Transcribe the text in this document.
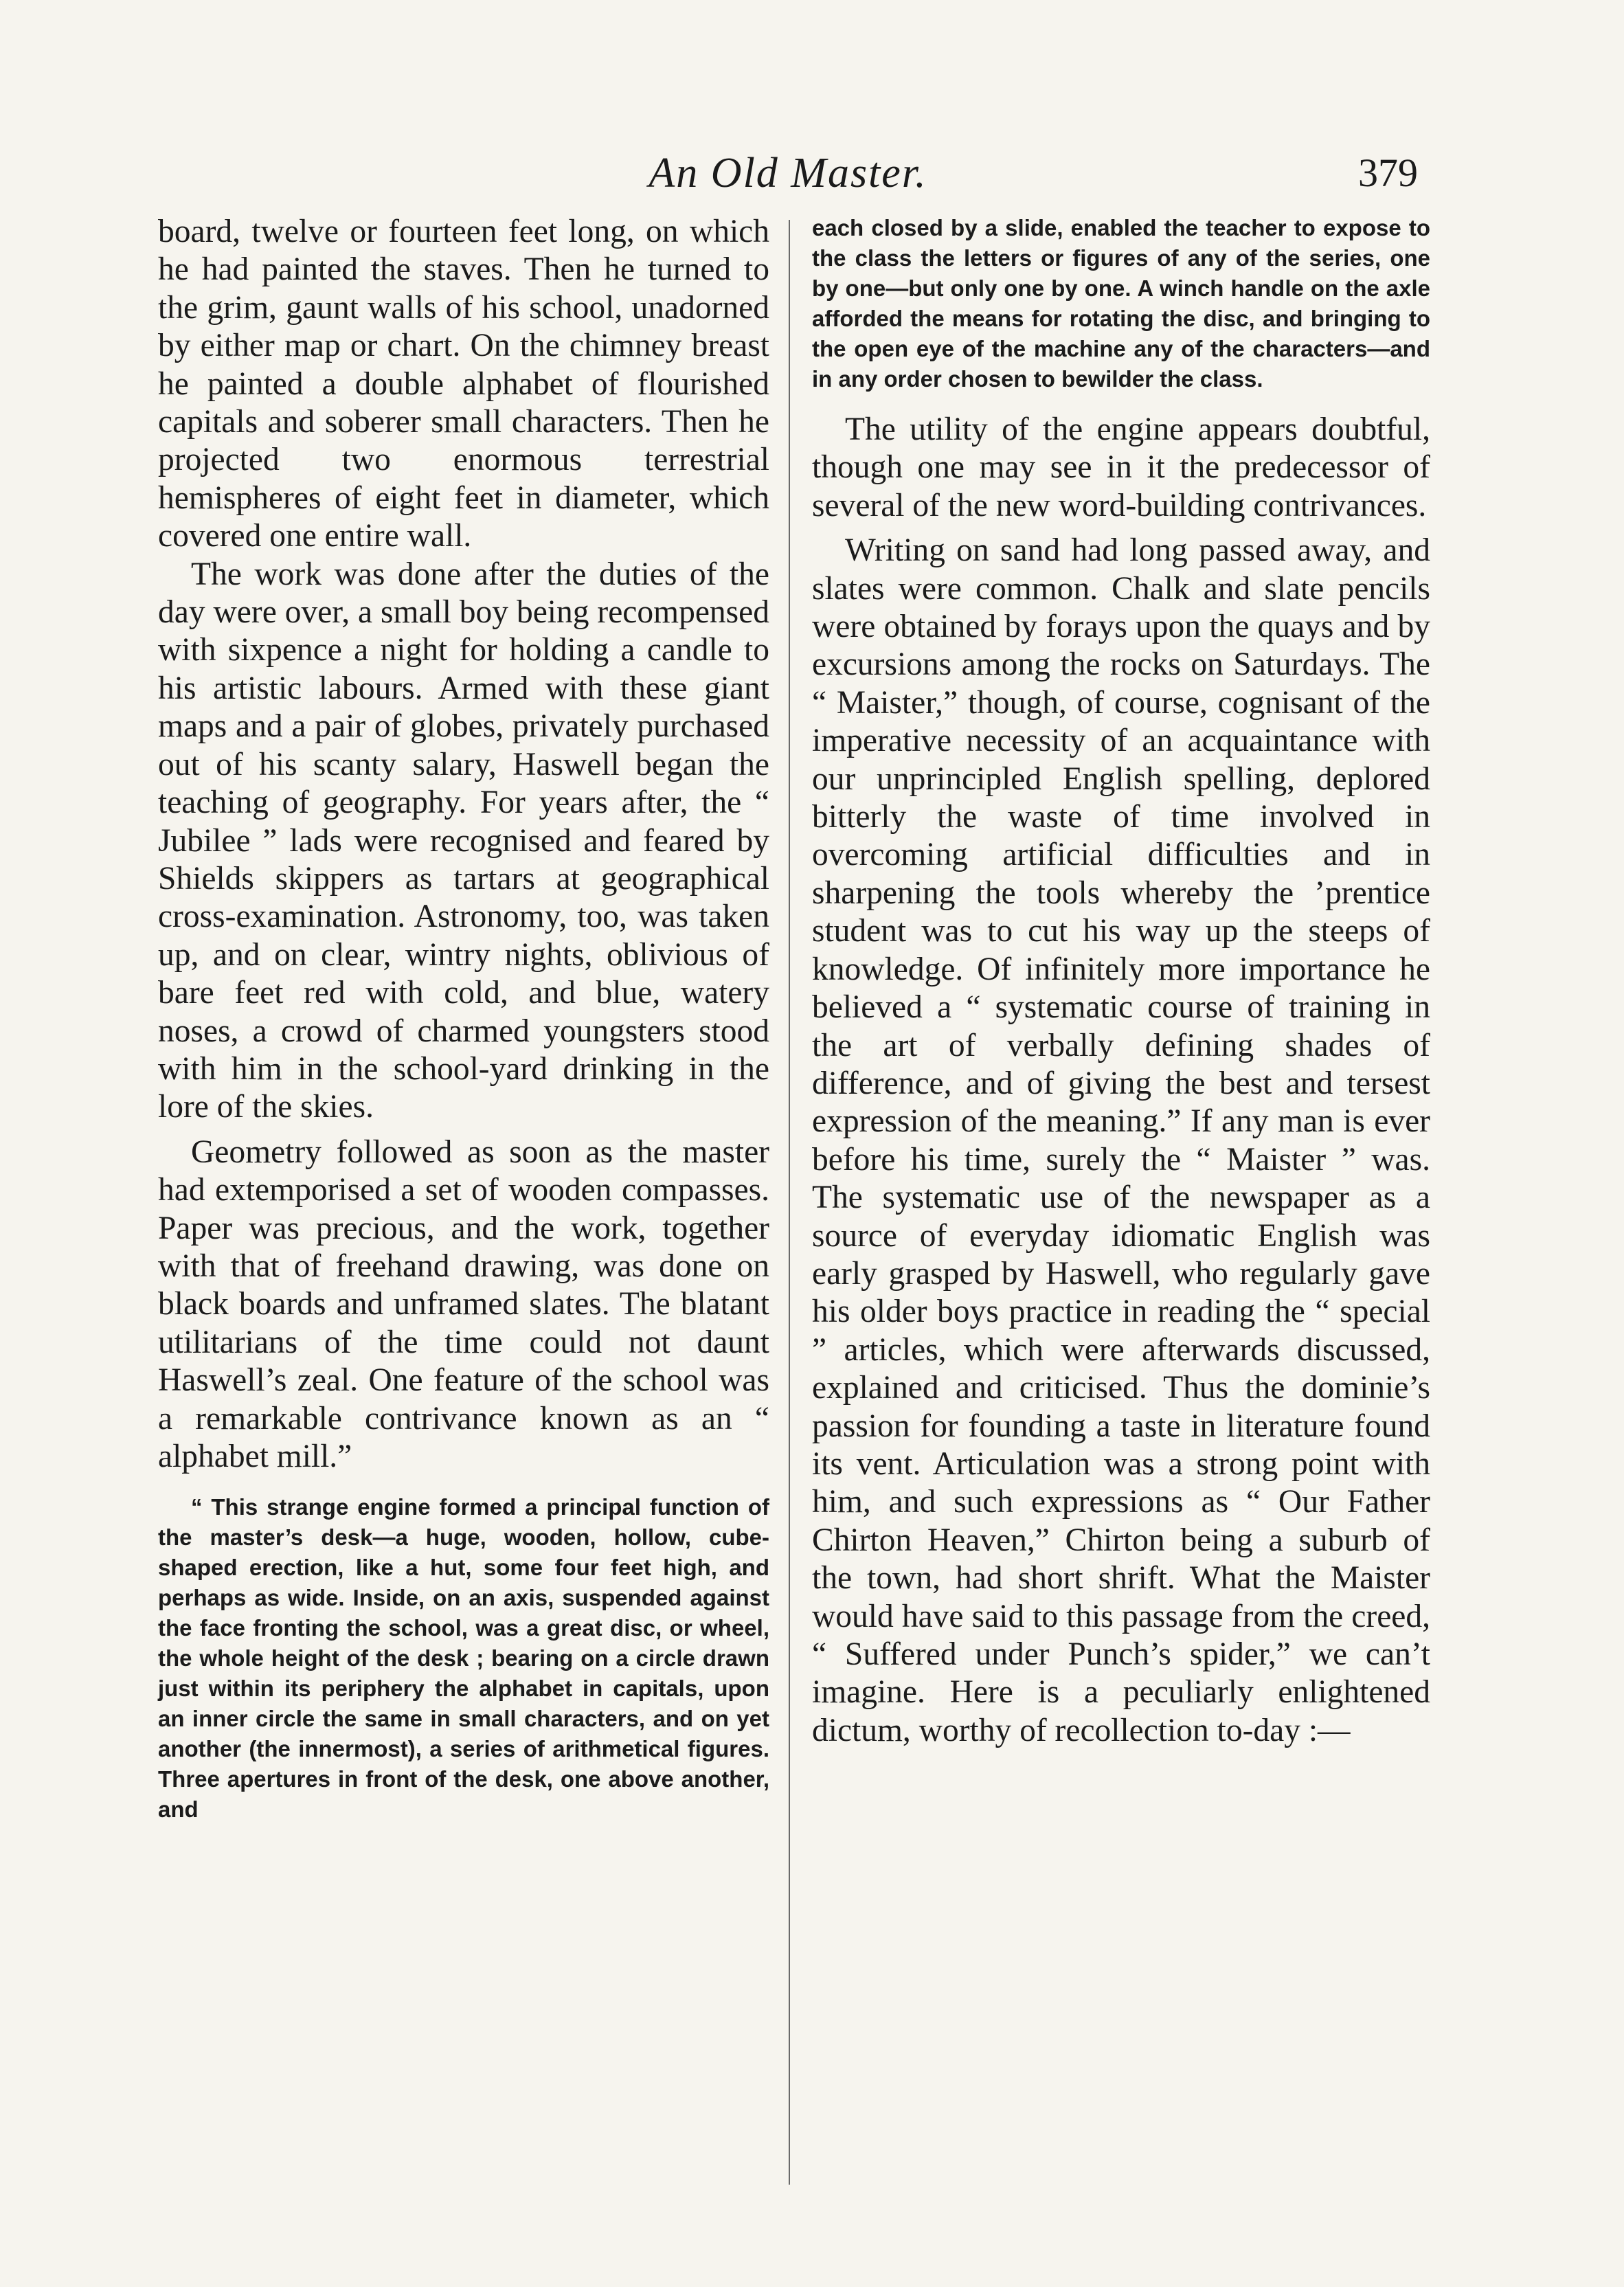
An Old Master.	379

board, twelve or fourteen feet long, on which he had painted the staves. Then he turned to the grim, gaunt walls of his school, unadorned by either map or chart. On the chimney breast he painted a double alphabet of flourished capitals and soberer small characters. Then he projected two enormous terrestrial hemispheres of eight feet in diameter, which covered one entire wall.

The work was done after the duties of the day were over, a small boy being recompensed with sixpence a night for holding a candle to his artistic labours. Armed with these giant maps and a pair of globes, privately purchased out of his scanty salary, Haswell began the teaching of geography. For years after, the “ Jubilee ” lads were recognised and feared by Shields skippers as tartars at geographical cross-examination. Astronomy, too, was taken up, and on clear, wintry nights, oblivious of bare feet red with cold, and blue, watery noses, a crowd of charmed youngsters stood with him in the school-yard drinking in the lore of the skies.

Geometry followed as soon as the master had extemporised a set of wooden compasses. Paper was precious, and the work, together with that of freehand drawing, was done on black boards and unframed slates. The blatant utilitarians of the time could not daunt Haswell’s zeal. One feature of the school was a remarkable contrivance known as an “ alphabet mill.”

“ This strange engine formed a principal function of the master’s desk—a huge, wooden, hollow, cube-shaped erection, like a hut, some four feet high, and perhaps as wide. Inside, on an axis, suspended against the face fronting the school, was a great disc, or wheel, the whole height of the desk ; bearing on a circle drawn just within its periphery the alphabet in capitals, upon an inner circle the same in small characters, and on yet another (the innermost), a series of arithmetical figures. Three apertures in front of the desk, one above another, and

each closed by a slide, enabled the teacher to expose to the class the letters or figures of any of the series, one by one—but only one by one. A winch handle on the axle afforded the means for rotating the disc, and bringing to the open eye of the machine any of the characters—and in any order chosen to bewilder the class.

The utility of the engine appears doubtful, though one may see in it the predecessor of several of the new word-building contrivances.

Writing on sand had long passed away, and slates were common. Chalk and slate pencils were obtained by forays upon the quays and by excursions among the rocks on Saturdays. The “ Maister,” though, of course, cognisant of the imperative necessity of an acquaintance with our unprincipled English spelling, deplored bitterly the waste of time involved in overcoming artificial difficulties and in sharpening the tools whereby the ’prentice student was to cut his way up the steeps of knowledge. Of infinitely more importance he believed a “ systematic course of training in the art of verbally defining shades of difference, and of giving the best and tersest expression of the meaning.” If any man is ever before his time, surely the “ Maister ” was. The systematic use of the newspaper as a source of everyday idiomatic English was early grasped by Haswell, who regularly gave his older boys practice in reading the “ special ” articles, which were afterwards discussed, explained and criticised. Thus the dominie’s passion for founding a taste in literature found its vent. Articulation was a strong point with him, and such expressions as “ Our Father Chirton Heaven,” Chirton being a suburb of the town, had short shrift. What the Maister would have said to this passage from the creed, “ Suffered under Punch’s spider,” we can’t imagine. Here is a peculiarly enlightened dictum, worthy of recollection to-day :—
